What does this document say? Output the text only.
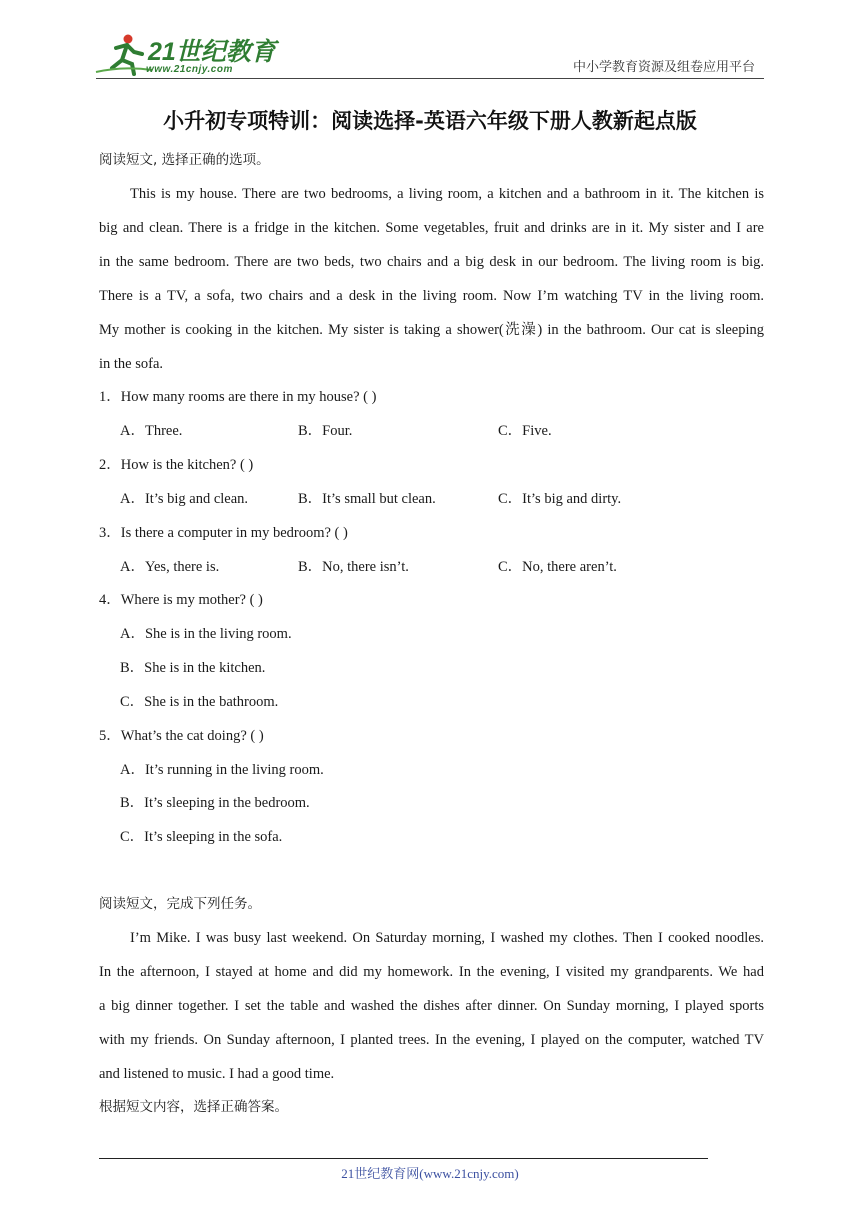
21世纪教育
www.21cnjy.com	中小学教育资源及组卷应用平台
小升初专项特训：阅读选择-英语六年级下册人教新起点版
阅读短文, 选择正确的选项。
This is my house. There are two bedrooms, a living room, a kitchen and a bathroom in it. The kitchen is
big and clean. There is a fridge in the kitchen. Some vegetables, fruit and drinks are in it. My sister and I are
in the same bedroom. There are two beds, two chairs and a big desk in our bedroom. The living room is big.
There is a TV, a sofa, two chairs and a desk in the living room. Now I’m watching TV in the living room.
My mother is cooking in the kitchen. My sister is taking a shower(洗澡) in the bathroom. Our cat is sleeping
in the sofa.
1．How many rooms are there in my house? ( )
A．Three.	B．Four.	C．Five.
2．How is the kitchen? ( )
A．It’s big and clean.	B．It’s small but clean.	C．It’s big and dirty.
3．Is there a computer in my bedroom? ( )
A．Yes, there is.	B．No, there isn’t.	C．No, there aren’t.
4．Where is my mother? ( )
A．She is in the living room.
B．She is in the kitchen.
C．She is in the bathroom.
5．What’s the cat doing? ( )
A．It’s running in the living room.
B．It’s sleeping in the bedroom.
C．It’s sleeping in the sofa.
阅读短文，完成下列任务。
I’m Mike. I was busy last weekend. On Saturday morning, I washed my clothes. Then I cooked noodles.
In the afternoon, I stayed at home and did my homework. In the evening, I visited my grandparents. We had
a big dinner together. I set the table and washed the dishes after dinner. On Sunday morning, I played sports
with my friends. On Sunday afternoon, I planted trees. In the evening, I played on the computer, watched TV
and listened to music. I had a good time.
根据短文内容，选择正确答案。
21世纪教育网(www.21cnjy.com)
